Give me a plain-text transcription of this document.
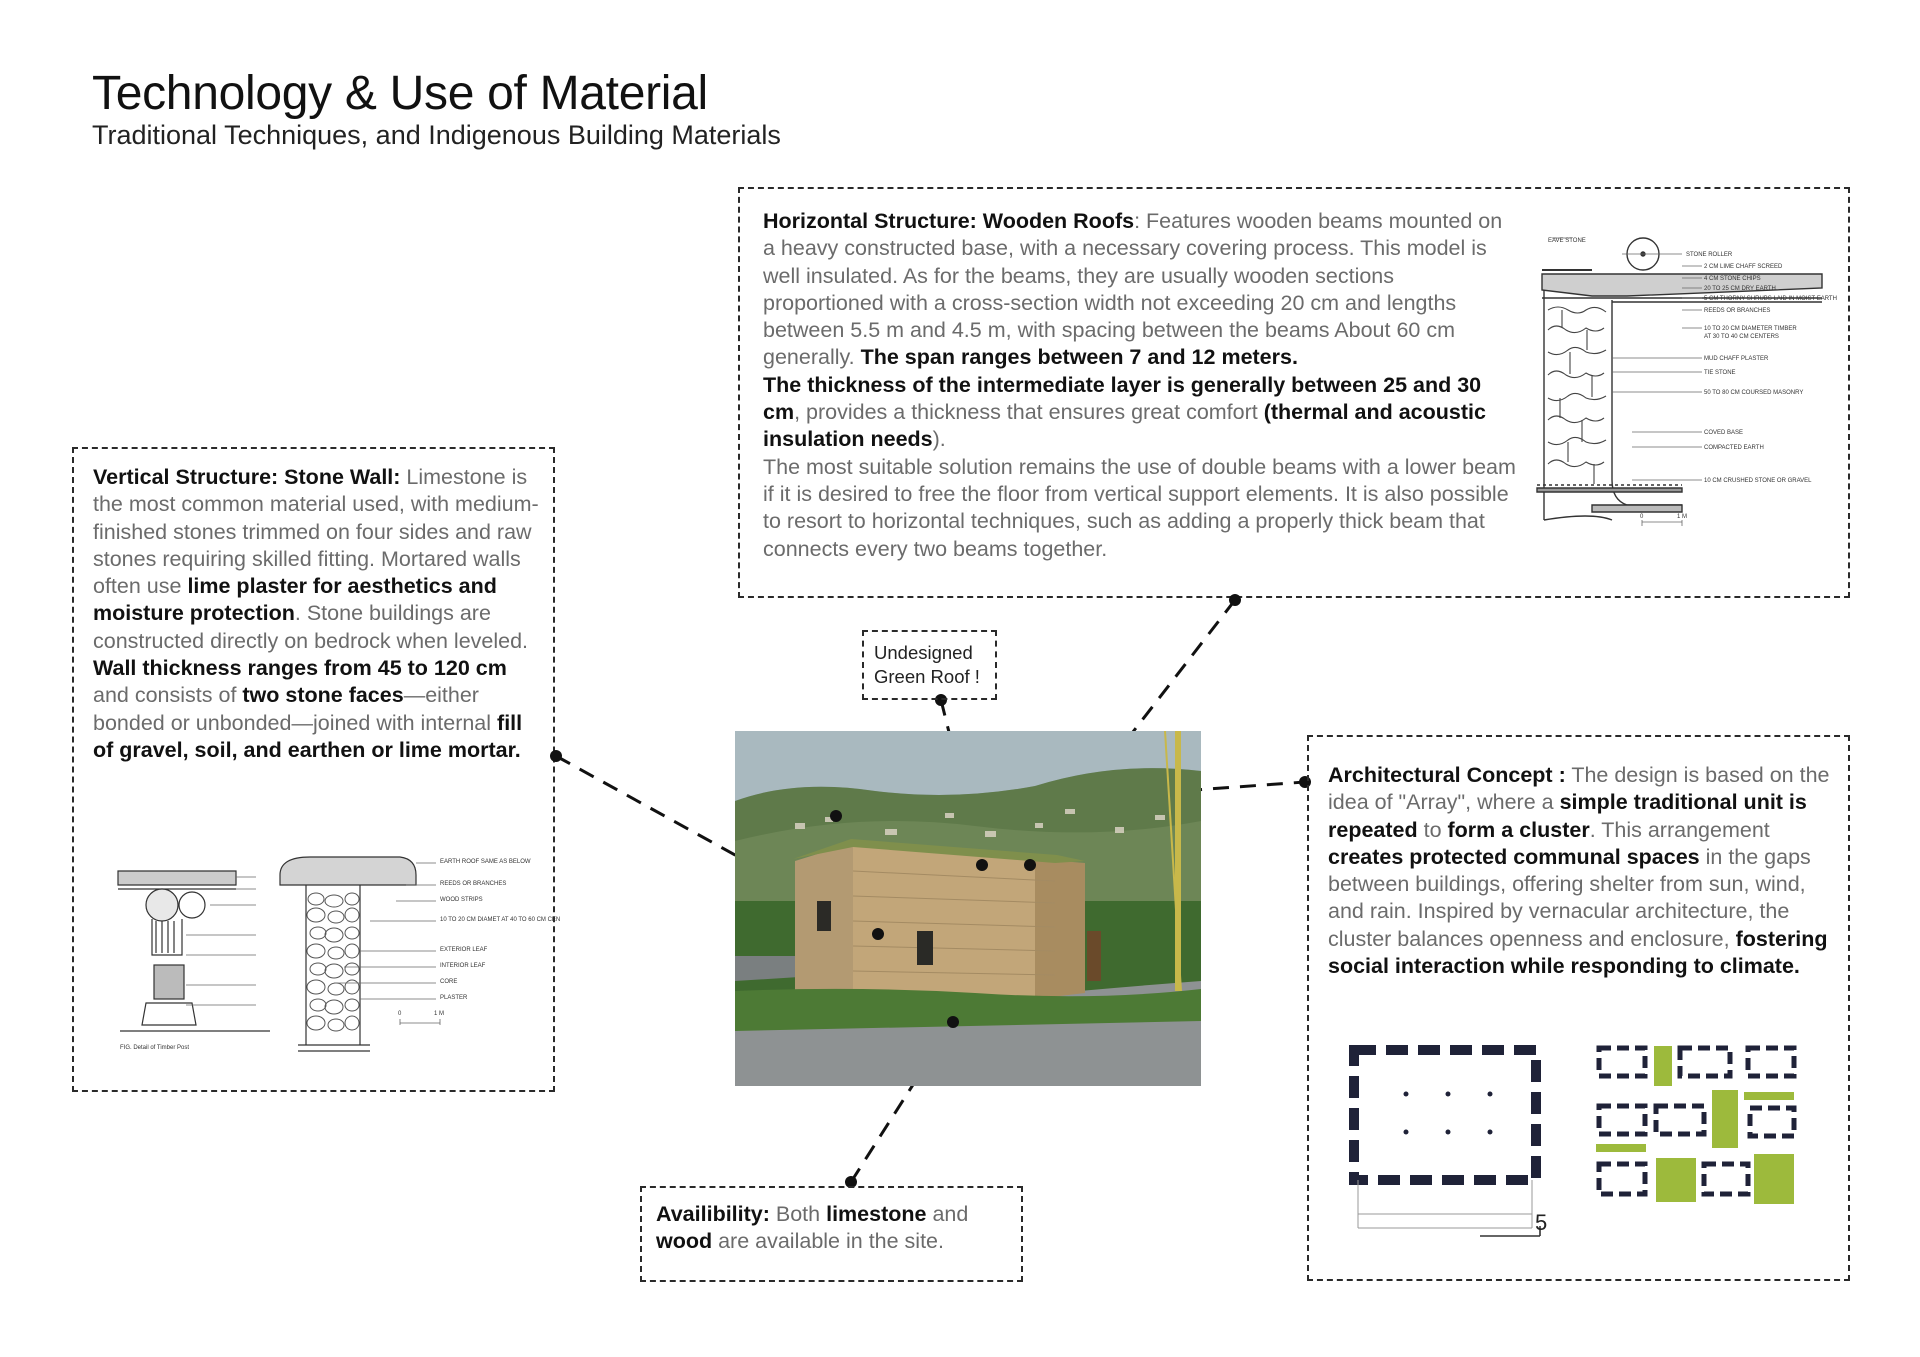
Technology & Use of Material
Traditional Techniques, and Indigenous Building Materials
Horizontal Structure: Wooden Roofs: Features wooden beams mounted on a heavy constructed base, with a necessary covering process. This model is well insulated. As for the beams, they are usually wooden sections proportioned with a cross-section width not exceeding 20 cm and lengths between 5.5 m and 4.5 m, with spacing between the beams About 60 cm generally. The span ranges between 7 and 12 meters.
The thickness of the intermediate layer is generally between 25 and 30 cm, provides a thickness that ensures great comfort (thermal and acoustic insulation needs).
The most suitable solution remains the use of double beams with a lower beam if it is desired to free the floor from vertical support elements. It is also possible to resort to horizontal techniques, such as adding a properly thick beam that connects every two beams together.
EAVE STONE
STONE ROLLER
2 CM LIME CHAFF SCREED
4 CM STONE CHIPS
20 TO 25 CM DRY EARTH
5 CM THORNY SHRUBS LAID IN MOIST EARTH
REEDS OR BRANCHES
10 TO 20 CM DIAMETER TIMBER
AT 30 TO 40 CM CENTERS
MUD CHAFF PLASTER
TIE STONE
50 TO 80 CM COURSED MASONRY
COVED BASE
COMPACTED EARTH
10 CM CRUSHED STONE OR GRAVEL
0	1 M
Vertical Structure: Stone Wall: Limestone is the most common material used, with medium-finished stones trimmed on four sides and raw stones requiring skilled fitting. Mortared walls often use lime plaster for aesthetics and moisture protection. Stone buildings are constructed directly on bedrock when leveled.
Wall thickness ranges from 45 to 120 cm and consists of two stone faces—either bonded or unbonded—joined with internal fill of gravel, soil, and earthen or lime mortar.
EARTH ROOF SAME AS BELOW
REEDS OR BRANCHES
WOOD STRIPS
10 TO 20 CM DIAMET AT 40 TO 60 CM CEN
EXTERIOR LEAF
INTERIOR LEAF
CORE
PLASTER
0	1 M
FIG. Detail of Timber Post
Undesigned
Green Roof !
Availibility: Both limestone and wood are available in the site.
Architectural Concept : The design is based on the idea of "Array", where a simple traditional unit is repeated to form a cluster. This arrangement creates protected communal spaces in the gaps between buildings, offering shelter from sun, wind, and rain. Inspired by vernacular architecture, the cluster balances openness and enclosure, fostering social interaction while responding to climate.
5
